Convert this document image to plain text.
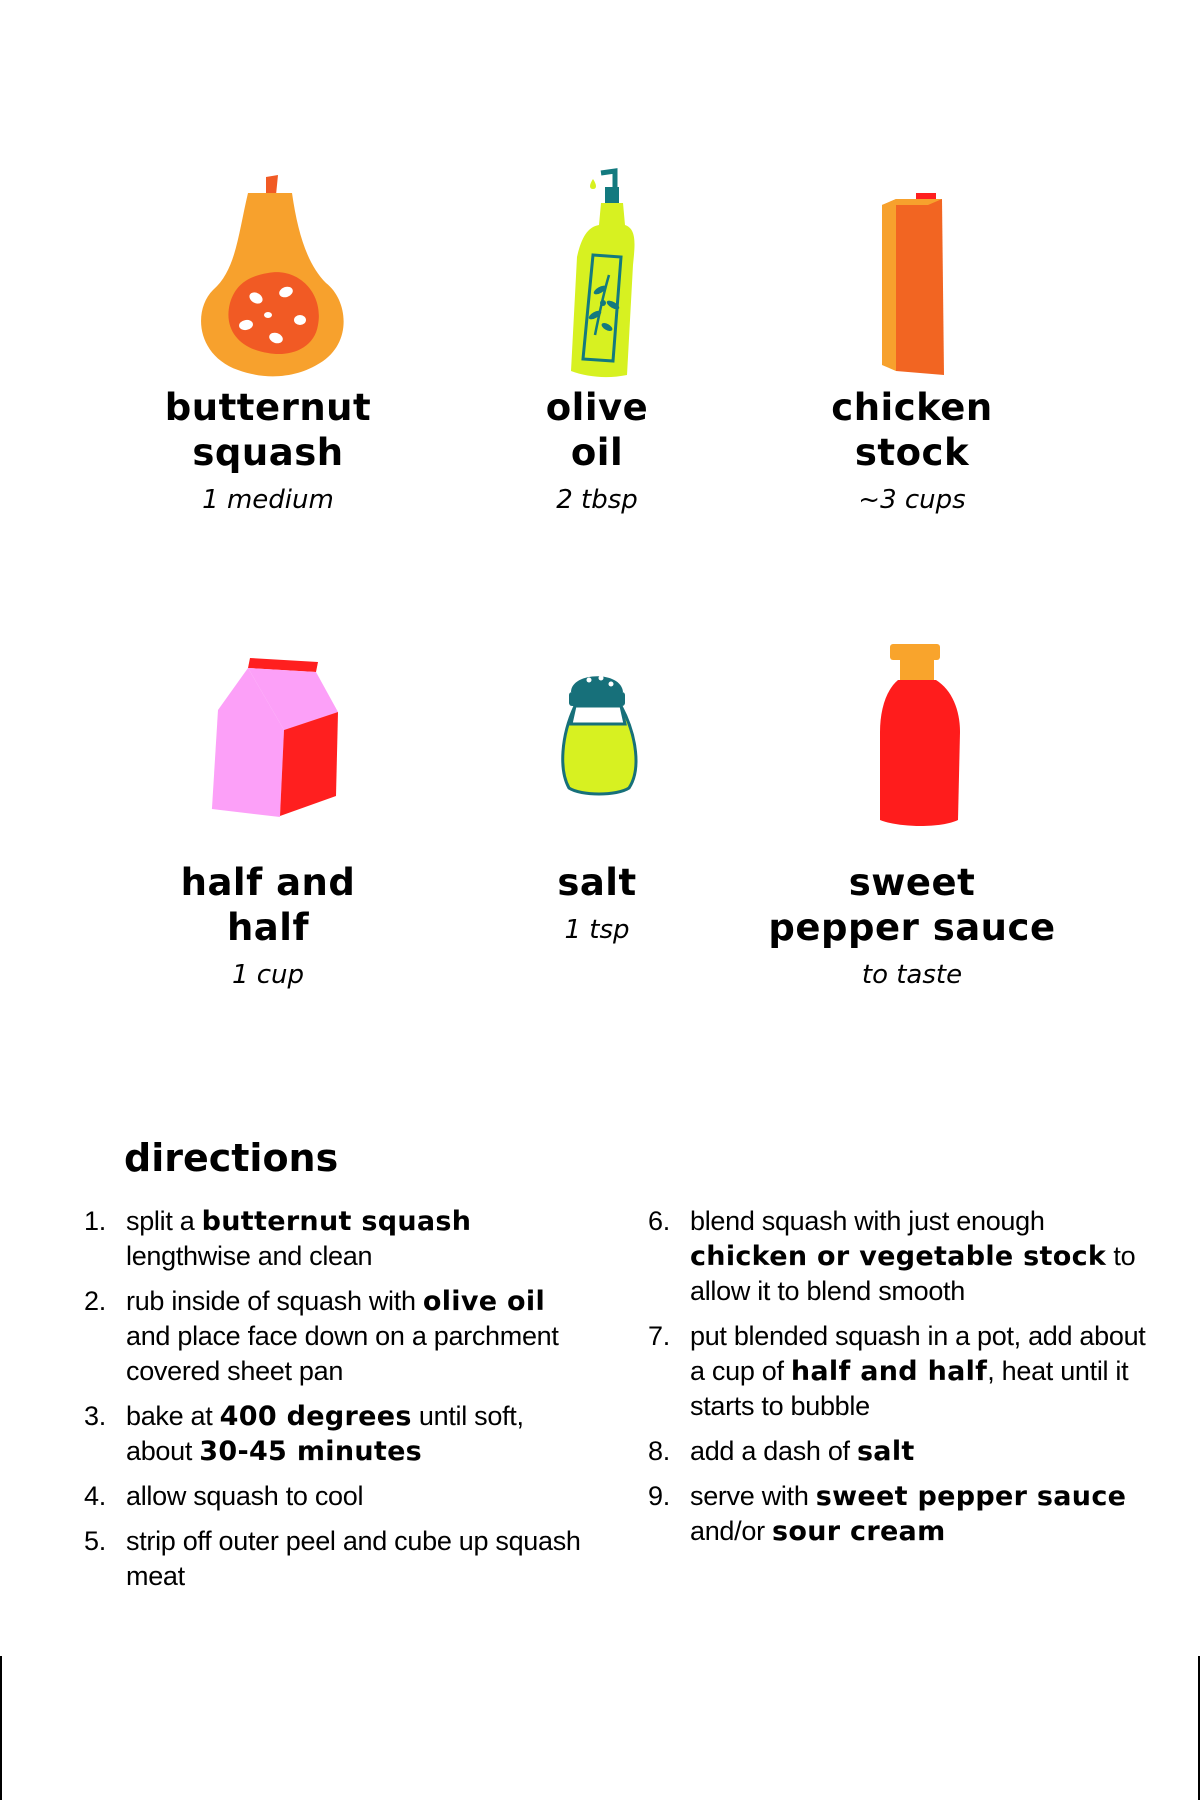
butternut
squash
1 medium
olive
oil
2 tbsp
chicken
stock
~3 cups
half and
half
1 cup
salt
1 tsp
sweet
pepper sauce
to taste
directions
1. split a butternut squash lengthwise and clean
2. rub inside of squash with olive oil and place face down on a parchment covered sheet pan
3. bake at 400 degrees until soft, about 30-45 minutes
4. allow squash to cool
5. strip off outer peel and cube up squash meat
6. blend squash with just enough chicken or vegetable stock to allow it to blend smooth
7. put blended squash in a pot, add about a cup of half and half, heat until it starts to bubble
8. add a dash of salt
9. serve with sweet pepper sauce and/or sour cream
